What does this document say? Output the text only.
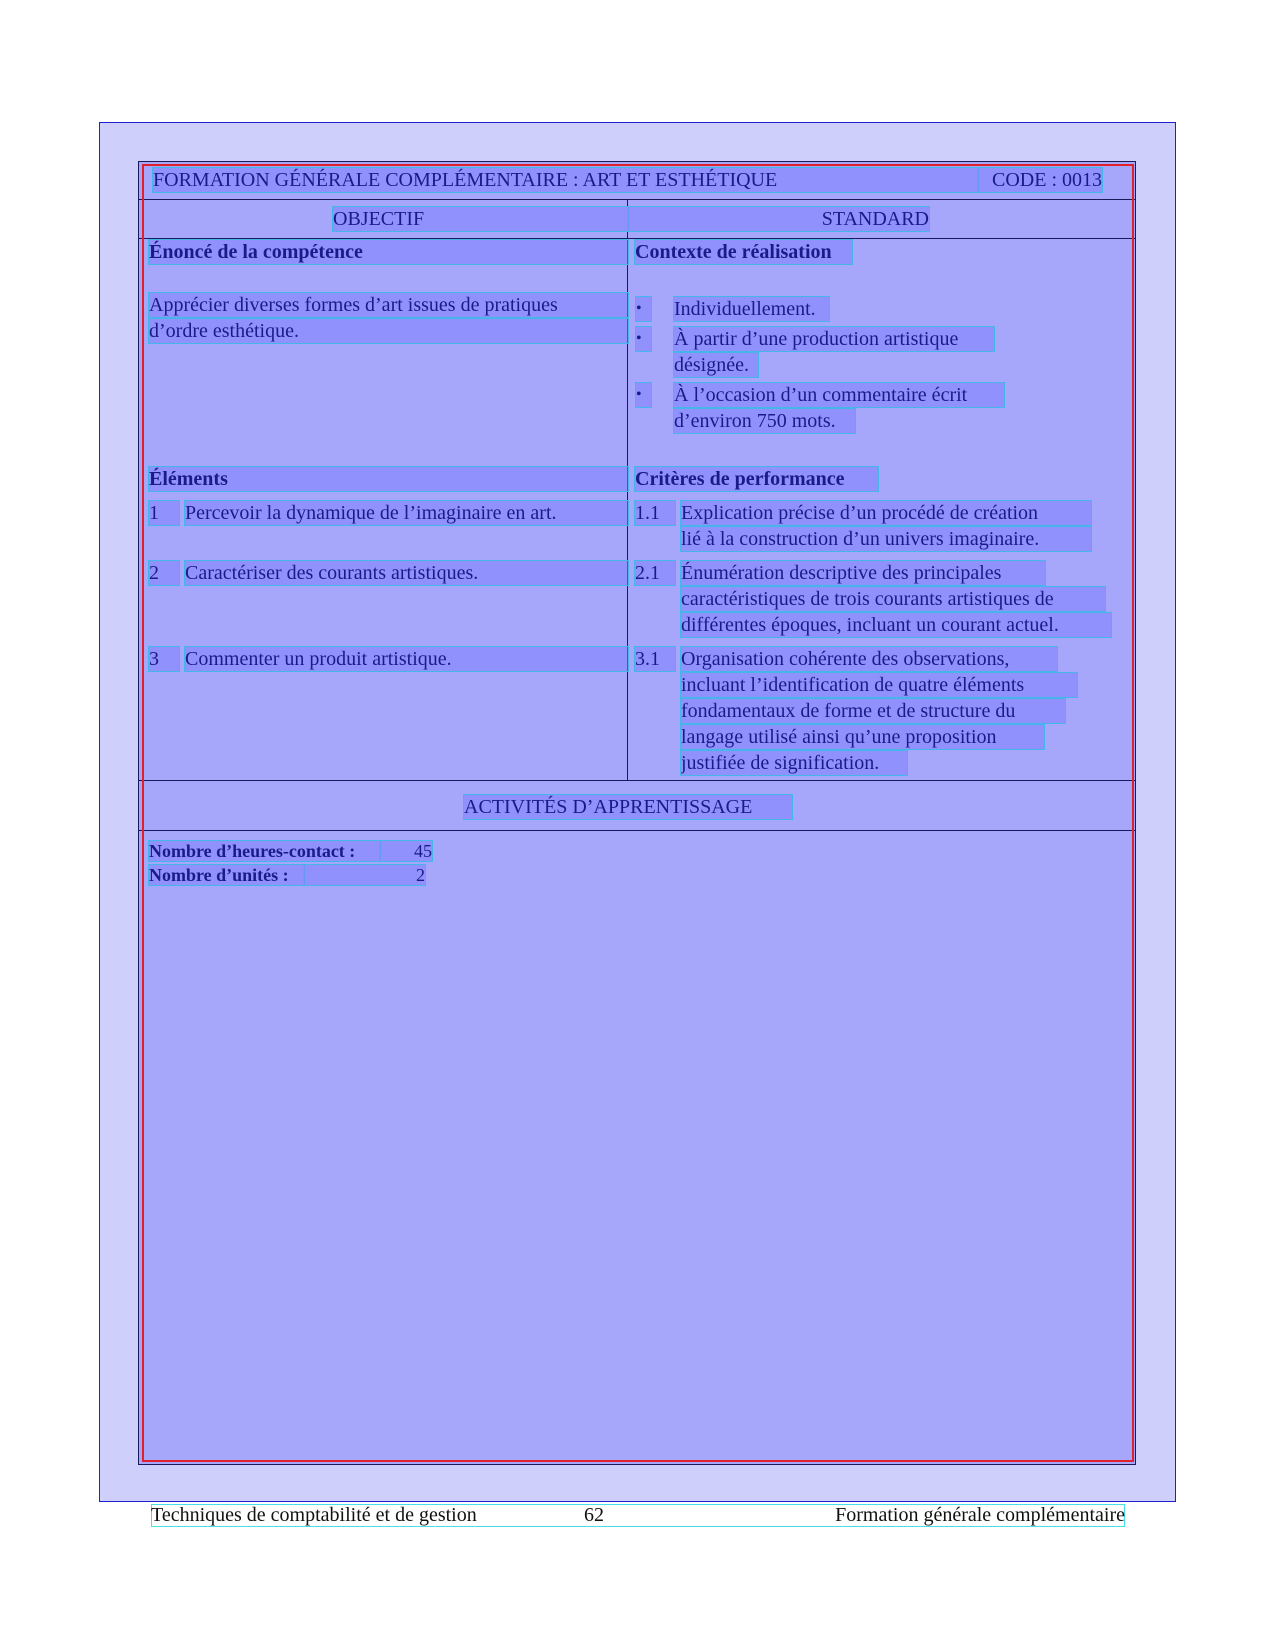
FORMATION GÉNÉRALE COMPLÉMENTAIRE : ART ET ESTHÉTIQUE	CODE : 0013
OBJECTIF	STANDARD
Énoncé de la compétence
Apprécier diverses formes d’art issues de pratiques
d’ordre esthétique.
Contexte de réalisation
•	Individuellement.
•	À partir d’une production artistique
désignée.
•	À l’occasion d’un commentaire écrit
d’environ 750 mots.
Éléments
1	Percevoir la dynamique de l’imaginaire en art.
2	Caractériser des courants artistiques.
3	Commenter un produit artistique.
Critères de performance
1.1	Explication précise d’un procédé de création
lié à la construction d’un univers imaginaire.
2.1	Énumération descriptive des principales
caractéristiques de trois courants artistiques de
différentes époques, incluant un courant actuel.
3.1	Organisation cohérente des observations,
incluant l’identification de quatre éléments
fondamentaux de forme et de structure du
langage utilisé ainsi qu’une proposition
justifiée de signification.
ACTIVITÉS D’APPRENTISSAGE
Nombre d’heures-contact :	45
Nombre d’unités :	2
Techniques de comptabilité et de gestion	62	Formation générale complémentaire
